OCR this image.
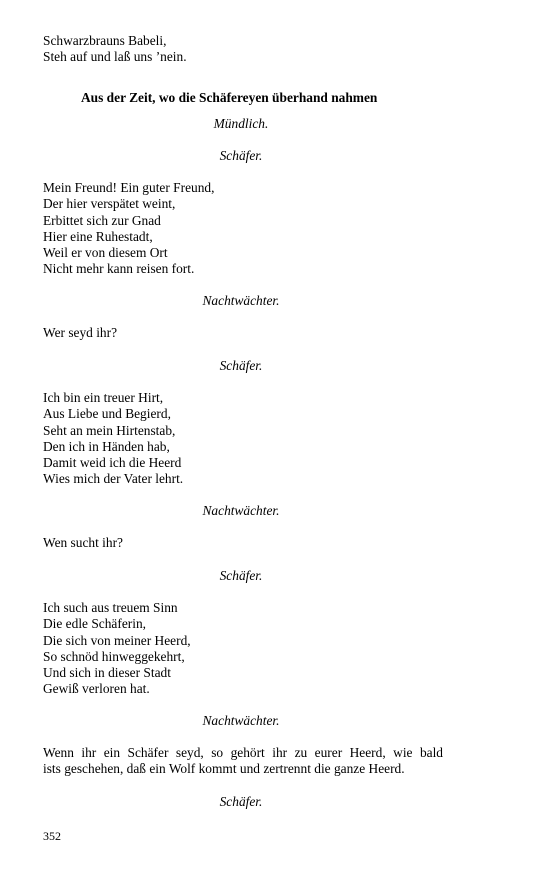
Schwarzbrauns Babeli,
Steh auf und laß uns ’nein.

Aus der Zeit, wo die Schäfereyen überhand nahmen

Mündlich.

Schäfer.

Mein Freund! Ein guter Freund,
Der hier verspätet weint,
Erbittet sich zur Gnad
Hier eine Ruhestadt,
Weil er von diesem Ort
Nicht mehr kann reisen fort.

Nachtwächter.

Wer seyd ihr?

Schäfer.

Ich bin ein treuer Hirt,
Aus Liebe und Begierd,
Seht an mein Hirtenstab,
Den ich in Händen hab,
Damit weid ich die Heerd
Wies mich der Vater lehrt.

Nachtwächter.

Wen sucht ihr?

Schäfer.

Ich such aus treuem Sinn
Die edle Schäferin,
Die sich von meiner Heerd,
So schnöd hinweggekehrt,
Und sich in dieser Stadt
Gewiß verloren hat.

Nachtwächter.

Wenn ihr ein Schäfer seyd, so gehört ihr zu eurer Heerd, wie bald
ists geschehen, daß ein Wolf kommt und zertrennt die ganze Heerd.

Schäfer.

352
